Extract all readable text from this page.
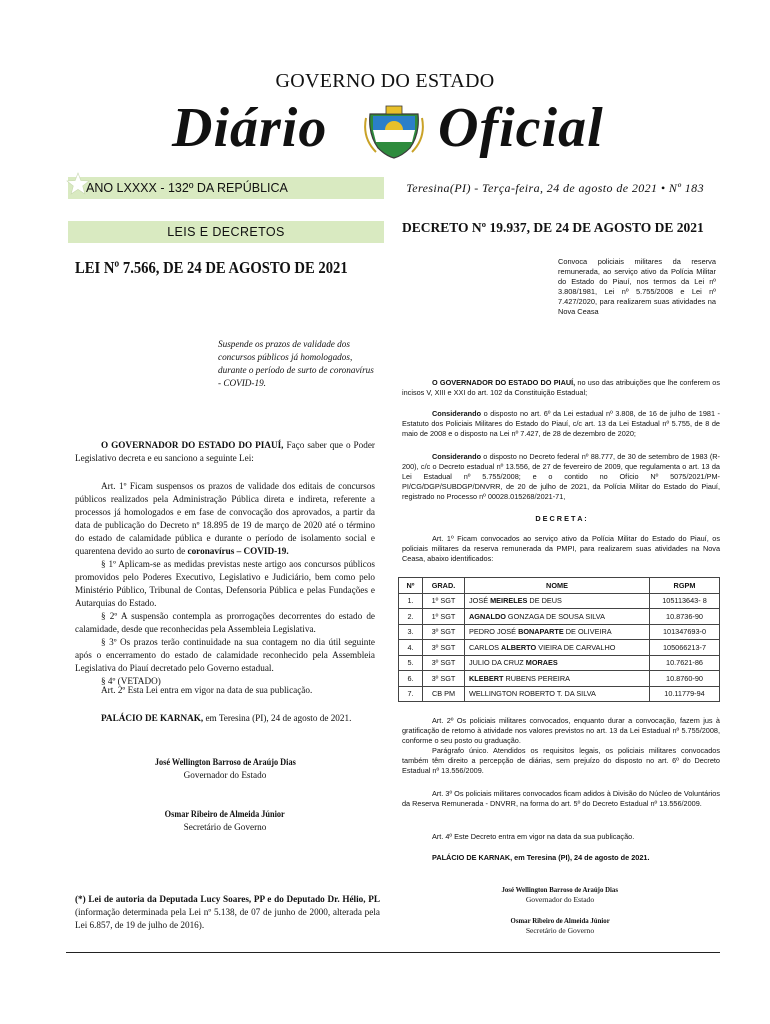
GOVERNO DO ESTADO
Diário Oficial
ANO LXXXX - 132º DA REPÚBLICA	Teresina(PI) - Terça-feira, 24 de agosto de 2021 • Nº 183
LEIS E DECRETOS
LEI Nº 7.566, DE 24 DE AGOSTO DE 2021
Suspende os prazos de validade dos concursos públicos já homologados, durante o período de surto de coronavírus - COVID-19.

O GOVERNADOR DO ESTADO DO PIAUÍ, Faço saber que o Poder Legislativo decreta e eu sanciono a seguinte Lei:

Art. 1º Ficam suspensos os prazos de validade dos editais de concursos públicos realizados pela Administração Pública direta e indireta, referente a processos já homologados e em fase de convocação dos aprovados, a partir da data de publicação do Decreto nº 18.895 de 19 de março de 2020 até o término do estado de calamidade pública e durante o período de isolamento social e quarentena devido ao surto de coronavírus – COVID-19.

§ 1º Aplicam-se as medidas previstas neste artigo aos concursos públicos promovidos pelo Poderes Executivo, Legislativo e Judiciário, bem como pelo Ministério Público, Tribunal de Contas, Defensoria Pública e pelas Fundações e Autarquias do Estado.

§ 2º A suspensão contempla as prorrogações decorrentes do estado de calamidade, desde que reconhecidas pela Assembleia Legislativa.

§ 3º Os prazos terão continuidade na sua contagem no dia útil seguinte após o encerramento do estado de calamidade reconhecido pela Assembleia Legislativa do Piauí decretado pelo Governo estadual.

§ 4º (VETADO)

Art. 2º Esta Lei entra em vigor na data de sua publicação.

PALÁCIO DE KARNAK, em Teresina (PI), 24 de agosto de 2021.

José Wellington Barroso de Araújo Dias
Governador do Estado
Osmar Ribeiro de Almeida Júnior
Secretário de Governo
(*) Lei de autoria da Deputada Lucy Soares, PP e do Deputado Dr. Hélio, PL (informação determinada pela Lei nº 5.138, de 07 de junho de 2000, alterada pela Lei 6.857, de 19 de julho de 2016).
DECRETO Nº 19.937, DE 24 DE AGOSTO DE 2021
Convoca policiais militares da reserva remunerada, ao serviço ativo da Polícia Militar do Estado do Piauí, nos termos da Lei nº 3.808/1981, Lei nº 5.755/2008 e Lei nº 7.427/2020, para realizarem suas atividades na Nova Ceasa

O GOVERNADOR DO ESTADO DO PIAUÍ, no uso das atribuições que lhe conferem os incisos V, XIII e XXI do art. 102 da Constituição Estadual;

Considerando o disposto no art. 6º da Lei estadual nº 3.808, de 16 de julho de 1981 - Estatuto dos Policiais Militares do Estado do Piauí, c/c art. 13 da Lei Estadual nº 5.755, de 8 de maio de 2008 e o disposto na Lei nº 7.427, de 28 de dezembro de 2020;

Considerando o disposto no Decreto federal nº 88.777, de 30 de setembro de 1983 (R-200), c/c o Decreto estadual nº 13.556, de 27 de fevereiro de 2009, que regulamenta o art. 13 da Lei Estadual nº 5.755/2008; e o contido no Ofício Nº 5075/2021/PM-PI/CG/DGP/SUBDGP/DNVRR, de 20 de julho de 2021, da Polícia Militar do Estado do Piauí, registrado no Processo nº 00028.015268/2021-71,

D E C R E T A :

Art. 1º Ficam convocados ao serviço ativo da Polícia Militar do Estado do Piauí, os policiais militares da reserva remunerada da PMPI, para realizarem suas atividades na Nova Ceasa, abaixo identificados:

Nº	GRAD.	NOME	RGPM
1.	1º SGT	JOSÉ MEIRELES DE DEUS	105113643- 8
2.	1º SGT	AGNALDO GONZAGA DE SOUSA SILVA	10.8736-90
3.	3º SGT	PEDRO JOSÉ BONAPARTE DE OLIVEIRA	101347693-0
4.	3º SGT	CARLOS ALBERTO VIEIRA DE CARVALHO	105066213-7
5.	3º SGT	JULIO DA CRUZ MORAES	10.7621-86
6.	3º SGT	KLEBERT RUBENS PEREIRA	10.8760-90
7.	CB PM	WELLINGTON ROBERTO T. DA SILVA	10.11779-94

Art. 2º Os policiais militares convocados, enquanto durar a convocação, fazem jus à gratificação de retorno à atividade nos valores previstos no art. 13 da Lei Estadual nº 5.755/2008, conforme o seu posto ou graduação.

Parágrafo único. Atendidos os requisitos legais, os policiais militares convocados também têm direito a percepção de diárias, sem prejuízo do disposto no art. 6º do Decreto Estadual nº 13.556/2009.

Art. 3º Os policiais militares convocados ficam adidos à Divisão do Núcleo de Voluntários da Reserva Remunerada - DNVRR, na forma do art. 5º do Decreto Estadual nº 13.556/2009.

Art. 4º Este Decreto entra em vigor na data da sua publicação.

PALÁCIO DE KARNAK, em Teresina (PI), 24 de agosto de 2021.

José Wellington Barroso de Araújo Dias
Governador do Estado
Osmar Ribeiro de Almeida Júnior
Secretário de Governo
